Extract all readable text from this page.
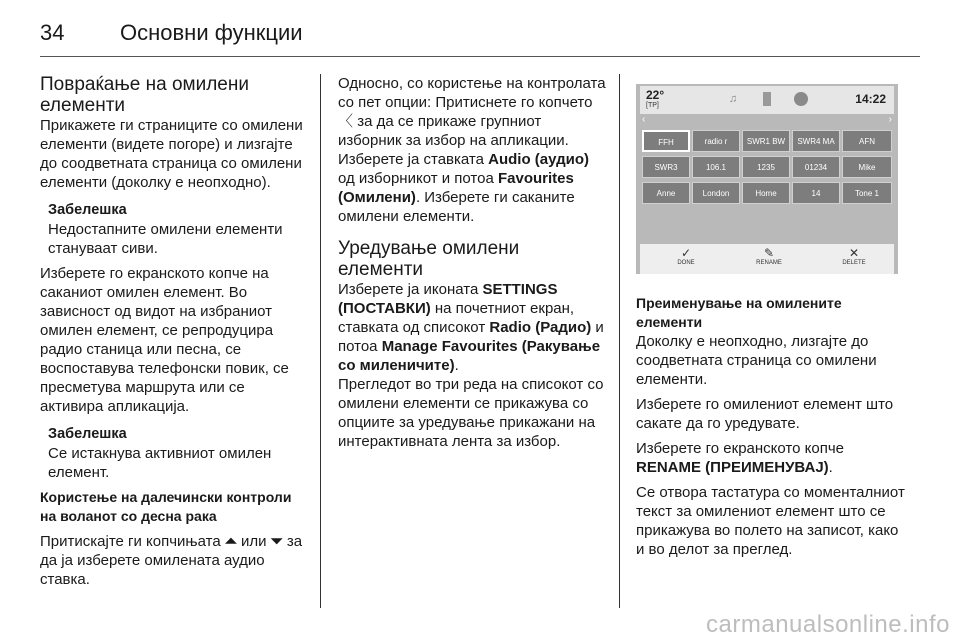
34	Основни функции
Повраќање на омилени елементи

Прикажете ги страниците со омилени елементи (видете погоре) и лизгајте до соодветната страница со омилени елементи (доколку е неопходно).

Забелешка

Недостапните омилени елементи стануваат сиви.

Изберете го екранското копче на саканиот омилен елемент. Во зависност од видот на избраниот омилен елемент, се репродуцира радио станица или песна, се воспоставува телефонски повик, се пресметува маршрута или се активира апликација.

Забелешка

Се истакнува активниот омилен елемент.

Користење на далечински контроли на воланот со десна рака

Притискајте ги копчињата ⏶ или ⏷ за да ја изберете омилената аудио ставка.

Односно, со користење на контролата со пет опции: Притиснете го копчето 〈 за да се прикаже групниот изборник за избор на апликации. Изберете ја ставката Audio (аудио) од изборникот и потоа Favourites (Омилени). Изберете ги саканите омилени елементи.

Уредување омилени елементи

Изберете ја иконата SETTINGS (ПОСТАВКИ) на почетниот екран, ставката од списокот Radio (Радио) и потоа Manage Favourites (Ракување со миленичите).

Прегледот во три реда на списокот со омилени елементи се прикажува со опциите за уредување прикажани на интерактивната лента за избор.

22°
[TP]
♫	14:22
‹	›
FFH	radio r	SWR1 BW	SWR4 MA	AFN
SWR3	106.1	1235	01234	Mike
Anne	London	Home	14	Tone 1
✓
DONE
✎
RENAME
✕
DELETE
Преименување на омилените елементи

Доколку е неопходно, лизгајте до соодветната страница со омилени елементи.

Изберете го омилениот елемент што сакате да го уредувате.

Изберете го екранското копче RENAME (ПРЕИМЕНУВАЈ).

Се отвора тастатура со моменталниот текст за омилениот елемент што се прикажува во полето на записот, како и во делот за преглед.

carmanualsonline.info
